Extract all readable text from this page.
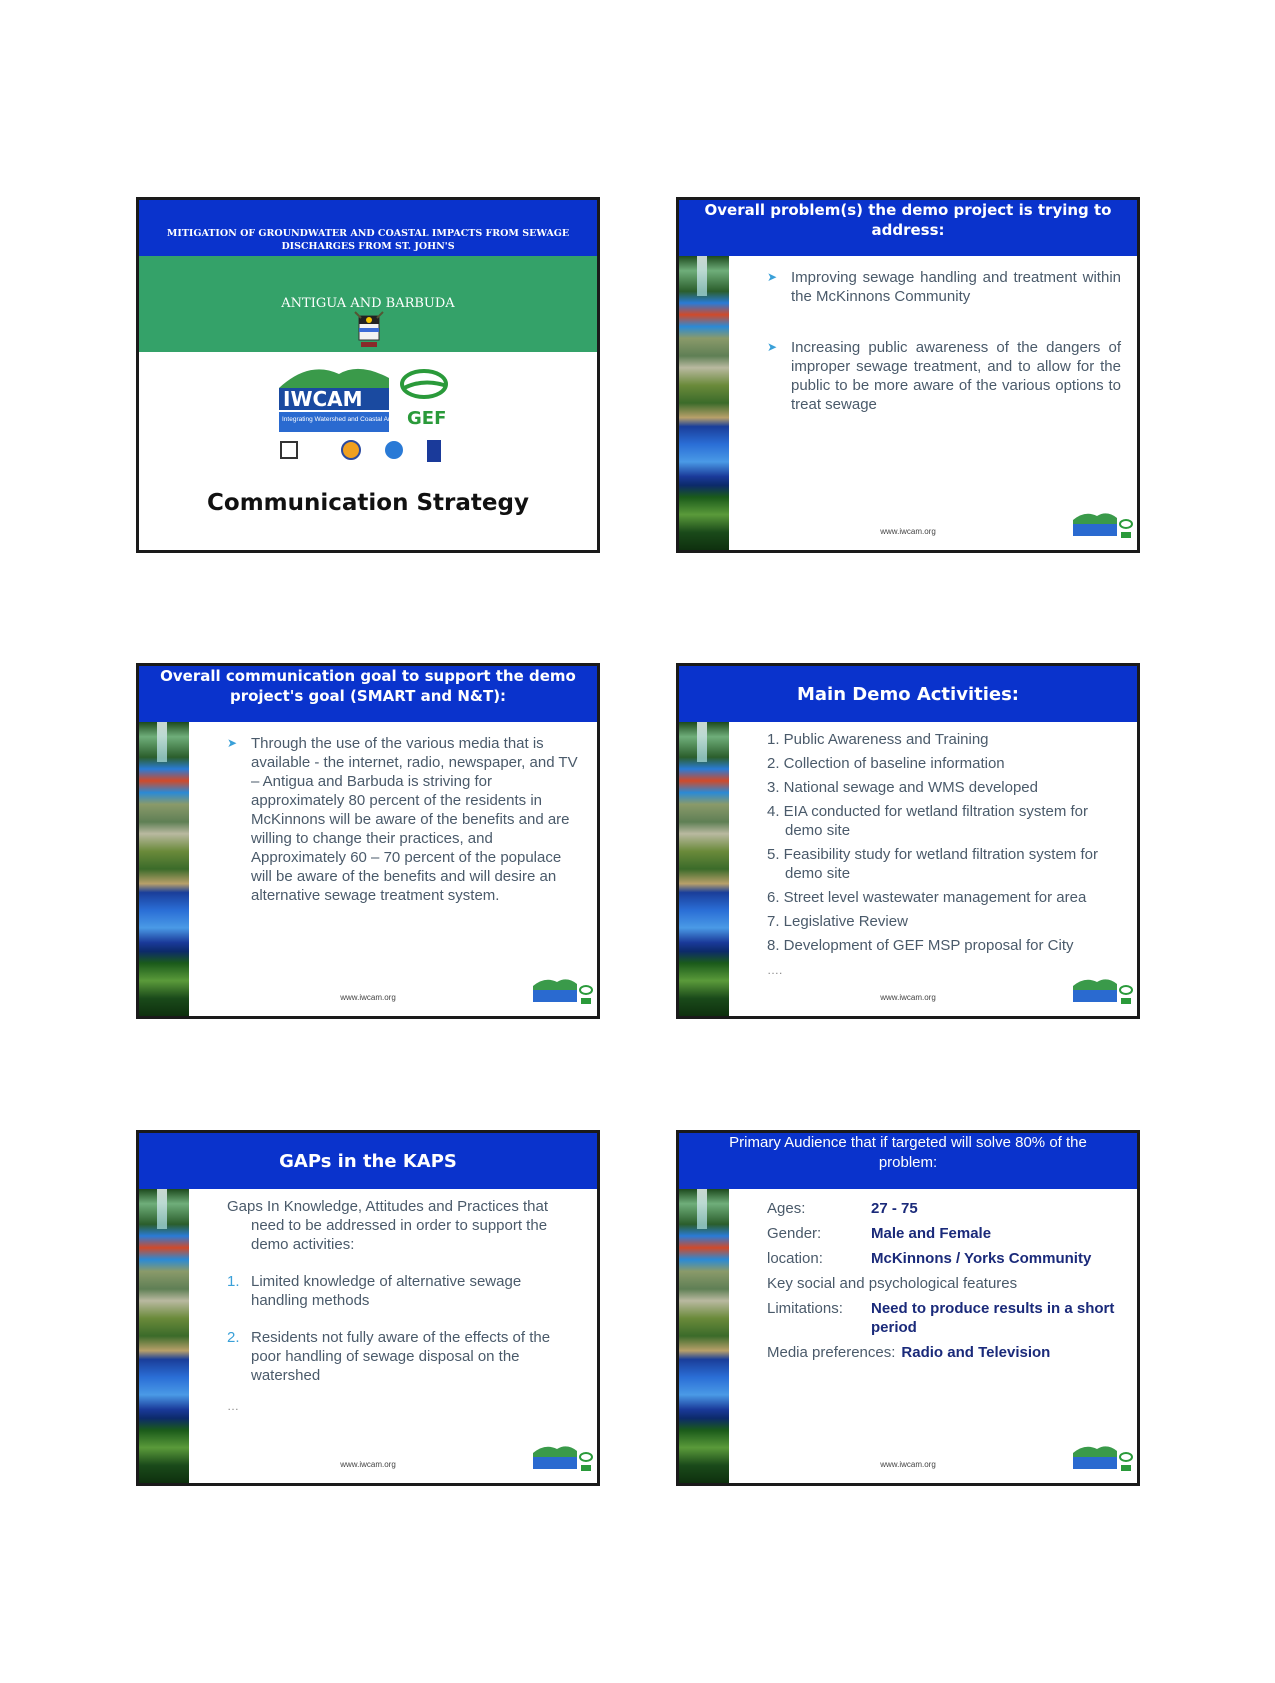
MITIGATION OF GROUNDWATER AND COASTAL IMPACTS FROM SEWAGE DISCHARGES FROM ST. JOHN'S
ANTIGUA AND BARBUDA
IWCAM
Integrating Watershed and Coastal Areas Management
GEF
Communication Strategy
Overall problem(s) the demo project is trying to address:
➤ Improving sewage handling and treatment within the McKinnons Community
➤ Increasing public awareness of the dangers of improper sewage treatment, and to allow for the public to be more aware of the various options to treat sewage
www.iwcam.org
Overall communication goal to support the demo project's goal (SMART and N&T):
➤ Through the use of the various media that is available - the internet, radio, newspaper, and TV – Antigua and Barbuda is striving for approximately 80 percent of the residents in McKinnons will be aware of the benefits and are willing to change their practices, and Approximately 60 – 70 percent of the populace will be aware of the benefits and will desire an alternative sewage treatment system.
www.iwcam.org
Main Demo Activities:
1. Public Awareness and Training
2. Collection of baseline information
3. National sewage and WMS developed
4. EIA conducted for wetland filtration system for demo site
5. Feasibility study for wetland filtration system for demo site
6. Street level wastewater management for area
7. Legislative Review
8. Development of GEF MSP proposal for City
….
www.iwcam.org
GAPs in the KAPS

Gaps In Knowledge, Attitudes and Practices that need to be addressed in order to support the demo activities:

1. Limited knowledge of alternative sewage handling methods

2. Residents not fully aware of the effects of the poor handling of sewage disposal on the watershed

…
www.iwcam.org
Primary Audience that if targeted will solve 80% of the problem:
Ages:	27 - 75
Gender:	Male and Female
location:	McKinnons / Yorks Community
Key social and psychological features
Limitations:	Need to produce results in a short period
Media preferences: Radio and Television
www.iwcam.org
